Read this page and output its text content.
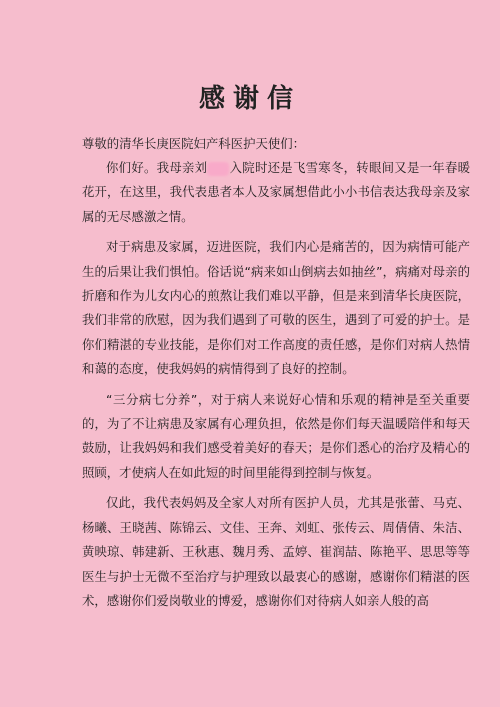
感谢信

尊敬的清华长庚医院妇产科医护天使们：

你们好。我母亲刘 入院时还是飞雪寒冬，转眼间又是一年春暖花开，在这里，我代表患者本人及家属想借此小小书信表达我母亲及家属的无尽感激之情。

对于病患及家属，迈进医院，我们内心是痛苦的，因为病情可能产生的后果让我们惧怕。俗话说“病来如山倒病去如抽丝”，病痛对母亲的折磨和作为儿女内心的煎熬让我们难以平静，但是来到清华长庚医院，我们非常的欣慰，因为我们遇到了可敬的医生，遇到了可爱的护士。是你们精湛的专业技能，是你们对工作高度的责任感，是你们对病人热情和蔼的态度，使我妈妈的病情得到了良好的控制。

“三分病七分养”，对于病人来说好心情和乐观的精神是至关重要的，为了不让病患及家属有心理负担，依然是你们每天温暖陪伴和每天鼓励，让我妈妈和我们感受着美好的春天；是你们悉心的治疗及精心的照顾，才使病人在如此短的时间里能得到控制与恢复。

仅此，我代表妈妈及全家人对所有医护人员，尤其是张蕾、马克、杨曦、王晓茜、陈锦云、文佳、王奔、刘虹、张传云、周倩倩、朱洁、黄映琼、韩建新、王秋惠、魏月秀、孟婷、崔润喆、陈艳平、思思等等医生与护士无微不至治疗与护理致以最衷心的感谢，感谢你们精湛的医术，感谢你们爱岗敬业的博爱，感谢你们对待病人如亲人般的高
